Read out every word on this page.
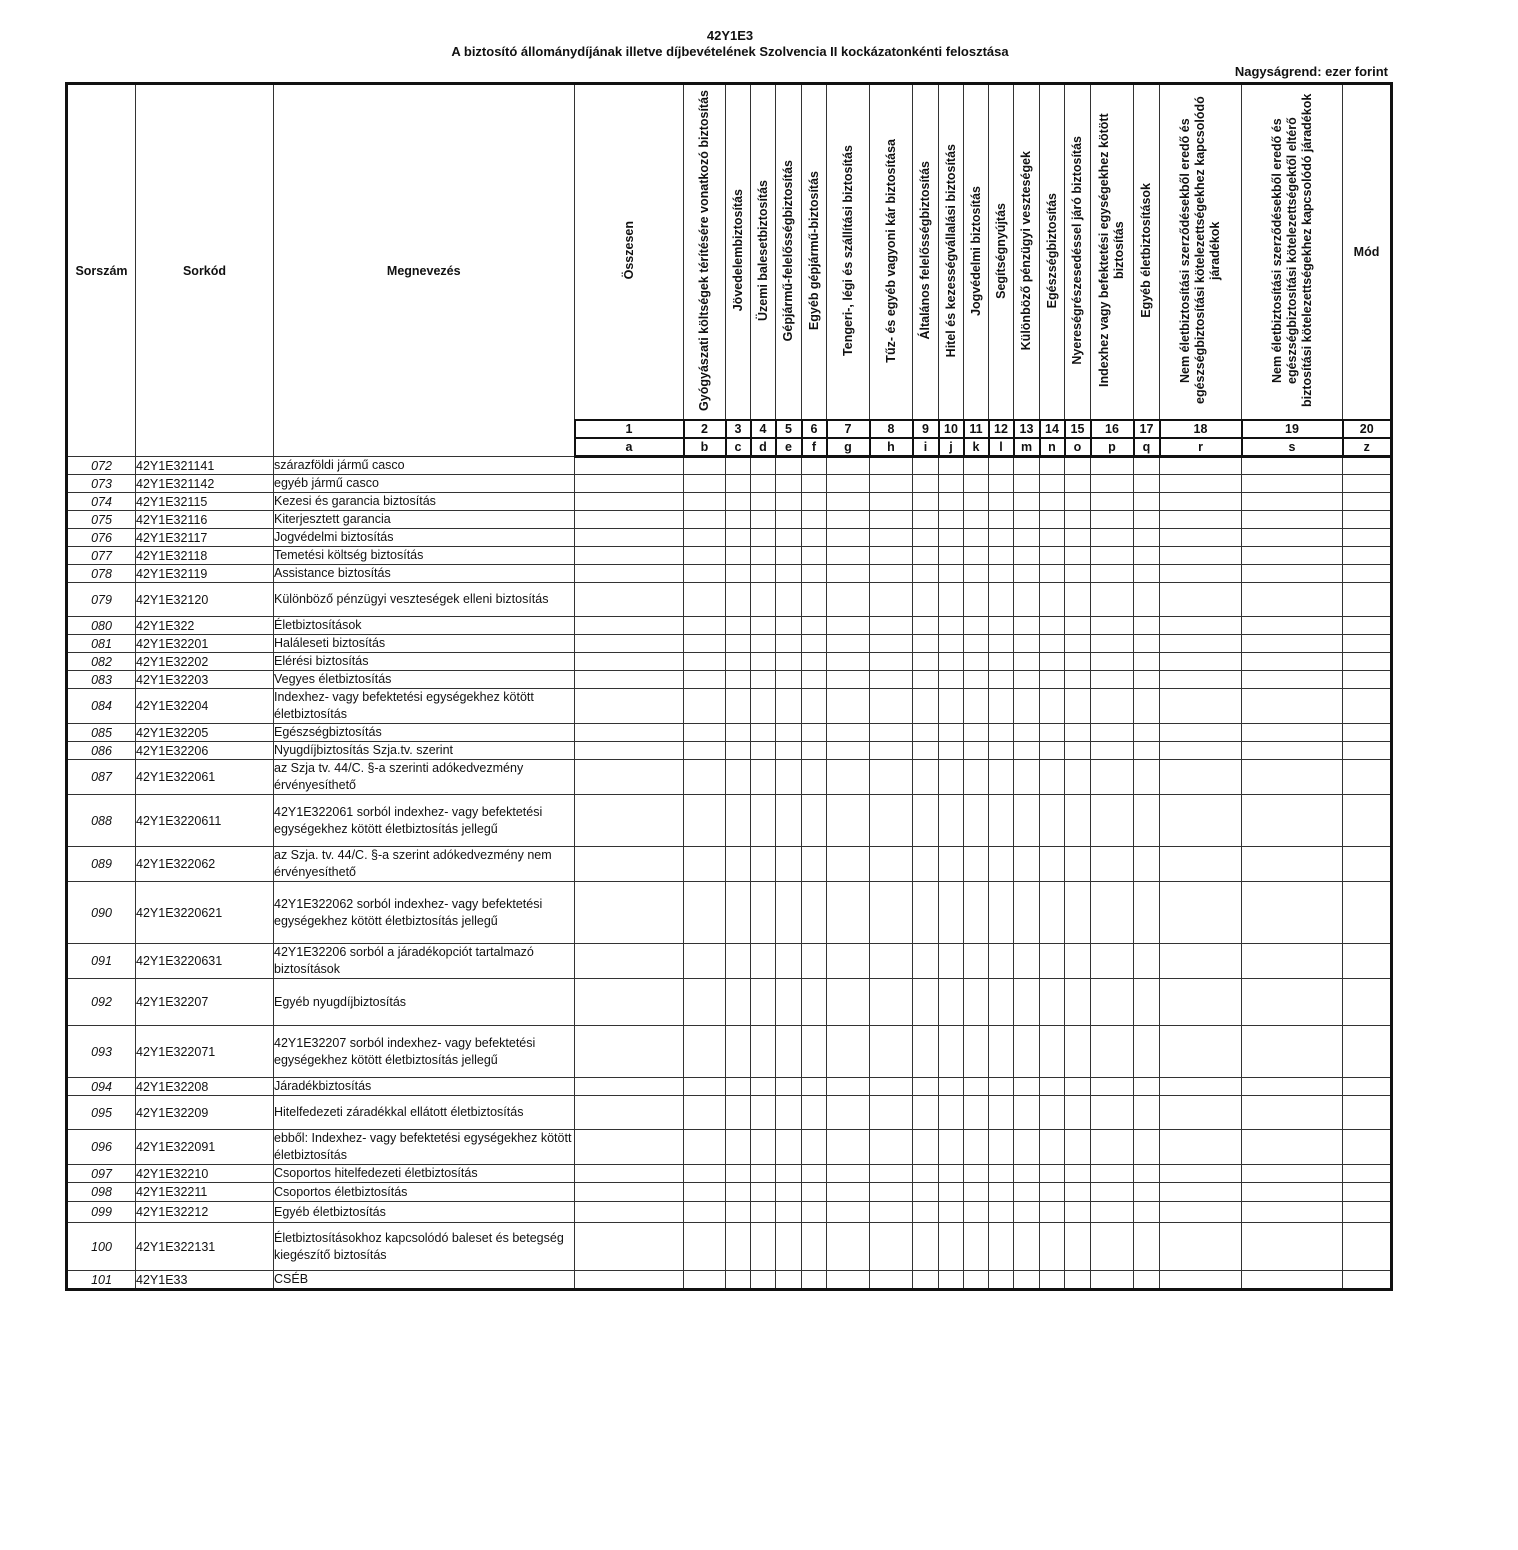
42Y1E3
A biztosító állománydíjának illetve díjbevételének Szolvencia II kockázatonkénti felosztása
Nagyságrend: ezer forint
Sorszám	Sorkód	Megnevezés	Összesen	Gyógyászati költségek térítésére vonatkozó biztosítás	Jövedelembiztosítás	Üzemi balesetbiztosítás	Gépjármű-felelősségbiztosítás	Egyéb gépjármű-biztosítás	Tengeri-, légi és szállítási biztosítás	Tűz- és egyéb vagyoni kár biztosítása	Általános felelősségbiztosítás	Hitel és kezességvállalási biztosítás	Jogvédelmi biztosítás	Segítségnyújtás	Különböző pénzügyi veszteségek	Egészségbiztosítás	Nyereségrészesedéssel járó biztosítás	Indexhez vagy befektetési egységekhez kötött biztosítás	Egyéb életbiztosítások	Nem életbiztosítási szerződésekből eredő és egészségbiztosítási kötelezettségekhez kapcsolódó járadékok	Nem életbiztosítási szerződésekből eredő és egészségbiztosítási kötelezettségektől eltérő biztosítási kötelezettségekhez kapcsolódó járadékok	Mód
			1	2	3	4	5	6	7	8	9	10	11	12	13	14	15	16	17	18	19	20
			a	b	c	d	e	f	g	h	i	j	k	l	m	n	o	p	q	r	s	z
072	42Y1E321141	szárazföldi jármű casco																				
073	42Y1E321142	egyéb jármű casco																				
074	42Y1E32115	Kezesi és garancia biztosítás																				
075	42Y1E32116	Kiterjesztett garancia																				
076	42Y1E32117	Jogvédelmi biztosítás																				
077	42Y1E32118	Temetési költség biztosítás																				
078	42Y1E32119	Assistance biztosítás																				
079	42Y1E32120	Különböző pénzügyi veszteségek elleni biztosítás																				
080	42Y1E322	Életbiztosítások																				
081	42Y1E32201	Haláleseti biztosítás																				
082	42Y1E32202	Elérési biztosítás																				
083	42Y1E32203	Vegyes életbiztosítás																				
084	42Y1E32204	Indexhez- vagy befektetési egységekhez kötött életbiztosítás																				
085	42Y1E32205	Egészségbiztosítás																				
086	42Y1E32206	Nyugdíjbiztosítás Szja.tv. szerint																				
087	42Y1E322061	az Szja tv. 44/C. §-a szerinti adókedvezmény érvényesíthető																				
088	42Y1E3220611	42Y1E322061 sorból indexhez- vagy befektetési egységekhez kötött életbiztosítás jellegű																				
089	42Y1E322062	az Szja. tv. 44/C. §-a szerint adókedvezmény nem érvényesíthető																				
090	42Y1E3220621	42Y1E322062 sorból indexhez- vagy befektetési egységekhez kötött életbiztosítás jellegű																				
091	42Y1E3220631	42Y1E32206 sorból a járadékopciót tartalmazó biztosítások																				
092	42Y1E32207	Egyéb nyugdíjbiztosítás																				
093	42Y1E322071	42Y1E32207 sorból indexhez- vagy befektetési egységekhez kötött életbiztosítás jellegű																				
094	42Y1E32208	Járadékbiztosítás																				
095	42Y1E32209	Hitelfedezeti záradékkal ellátott életbiztosítás																				
096	42Y1E322091	ebből: Indexhez- vagy befektetési egységekhez kötött életbiztosítás																				
097	42Y1E32210	Csoportos hitelfedezeti életbiztosítás																				
098	42Y1E32211	Csoportos életbiztosítás																				
099	42Y1E32212	Egyéb életbiztosítás																				
100	42Y1E322131	Életbiztosításokhoz kapcsolódó baleset és betegség kiegészítő biztosítás																				
101	42Y1E33	CSÉB																				
